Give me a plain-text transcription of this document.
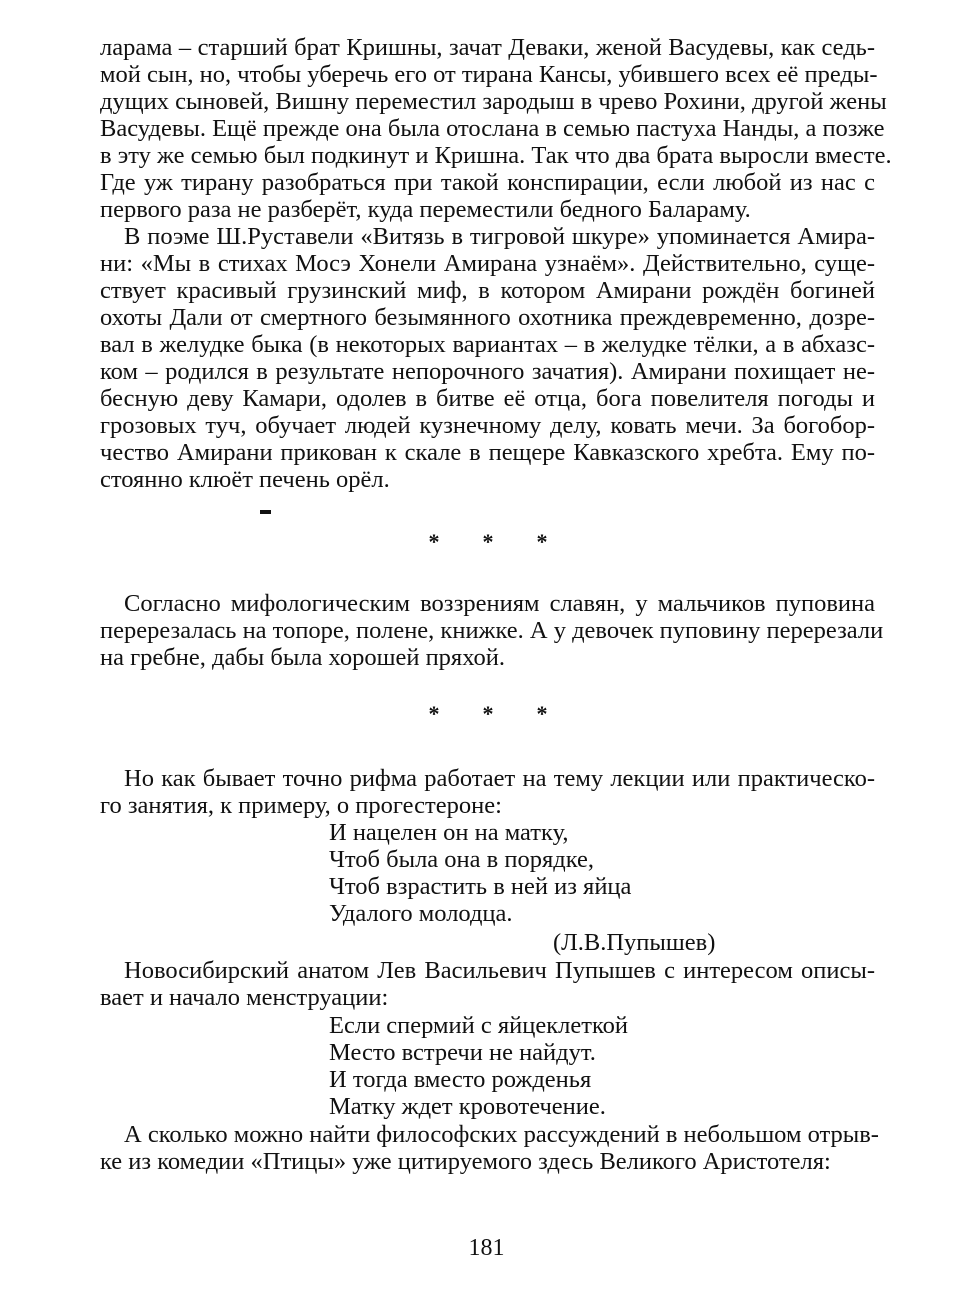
ларама – старший брат Кришны, зачат Деваки, женой Васудевы, как седь-
мой сын, но, чтобы уберечь его от тирана Кансы, убившего всех её преды-
дущих сыновей, Вишну переместил зародыш в чрево Рохини, другой жены
Васудевы. Ещё прежде она была отослана в семью пастуха Нанды, а позже
в эту же семью был подкинут и Кришна. Так что два брата выросли вместе.
Где уж тирану разобраться при такой конспирации, если любой из нас с
первого раза не разберёт, куда переместили бедного Балараму.
В поэме Ш.Руставели «Витязь в тигровой шкуре» упоминается Амира-
ни: «Мы в стихах Мосэ Хонели Амирана узнаём». Действительно, суще-
ствует красивый грузинский миф, в котором Амирани рождён богиней
охоты Дали от смертного безымянного охотника преждевременно, дозре-
вал в желудке быка (в некоторых вариантах – в желудке тёлки, а в абхазс-
ком – родился в результате непорочного зачатия). Амирани похищает не-
бесную деву Камари, одолев в битве её отца, бога повелителя погоды и
грозовых туч, обучает людей кузнечному делу, ковать мечи. За богобор-
чество Амирани прикован к скале в пещере Кавказского хребта. Ему по-
стоянно клюёт печень орёл.
* * *
Согласно мифологическим воззрениям славян, у мальчиков пуповина
перерезалась на топоре, полене, книжке. А у девочек пуповину перерезали
на гребне, дабы была хорошей пряхой.
* * *
Но как бывает точно рифма работает на тему лекции или практическо-
го занятия, к примеру, о прогестероне:
И нацелен он на матку,
Чтоб была она в порядке,
Чтоб взрастить в ней из яйца
Удалого молодца.
(Л.В.Пупышев)
Новосибирский анатом Лев Васильевич Пупышев с интересом описы-
вает и начало менструации:
Если спермий с яйцеклеткой
Место встречи не найдут.
И тогда вместо рожденья
Матку ждет кровотечение.
А сколько можно найти философских рассуждений в небольшом отрыв-
ке из комедии «Птицы» уже цитируемого здесь Великого Аристотеля:
181
